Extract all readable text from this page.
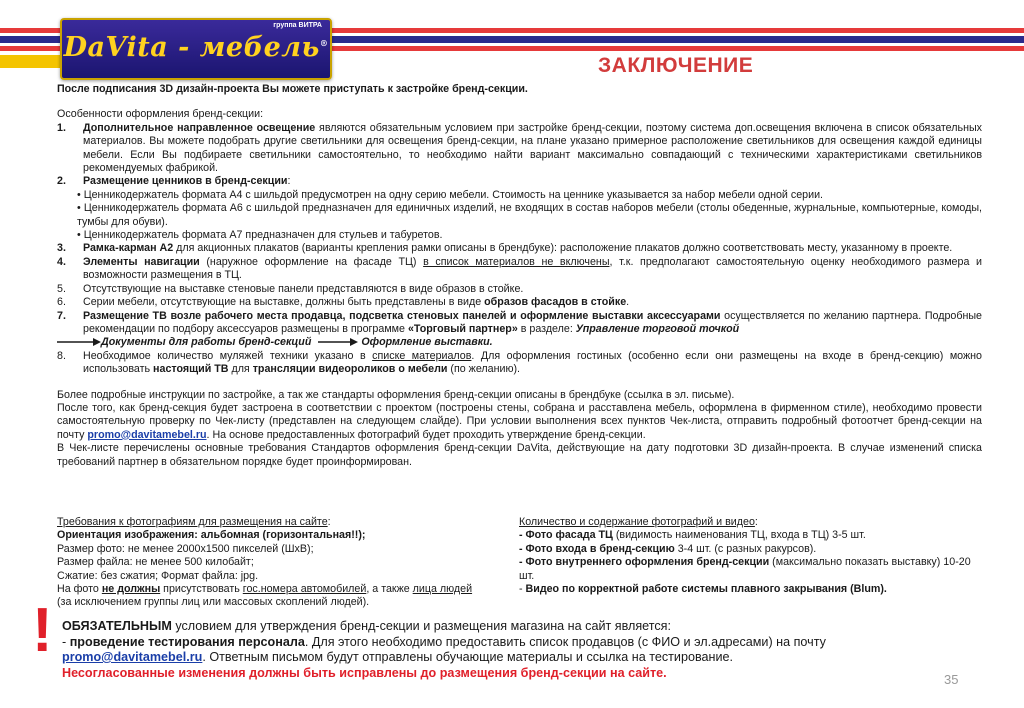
группа ВИТРА
DaVita - мебель®
ЗАКЛЮЧЕНИЕ

После подписания 3D дизайн-проекта Вы можете приступать к застройке бренд-секции.

Особенности оформления бренд-секции:

1.	Дополнительное направленное освещение являются обязательным условием при застройке бренд-секции, поэтому система доп.освещения включена в список обязательных материалов. Вы можете подобрать другие светильники для освещения бренд-секции, на плане указано примерное расположение светильников для освещения каждой единицы мебели. Если Вы подбираете светильники самостоятельно, то необходимо найти вариант максимально совпадающий с техническими характеристиками светильников рекомендуемых фабрикой.
2.	Размещение ценников в бренд-секции:

• Ценникодержатель формата А4 с шильдой предусмотрен на одну серию мебели. Стоимость на ценнике указывается за набор мебели одной серии.

• Ценникодержатель формата А6 с шильдой предназначен для единичных изделий, не входящих в состав наборов мебели (столы обеденные, журнальные, компьютерные, комоды, тумбы для обуви).

• Ценникодержатель формата А7 предназначен для стульев и табуретов.

3.	Рамка-карман А2 для акционных плакатов (варианты крепления рамки описаны в брендбуке): расположение плакатов должно соответствовать месту, указанному в проекте.
4.	Элементы навигации (наружное оформление на фасаде ТЦ) в список материалов не включены, т.к. предполагают самостоятельную оценку необходимого размера и возможности размещения в ТЦ.
5.	Отсутствующие на выставке стеновые панели представляются в виде образов в стойке.
6.	Серии мебели, отсутствующие на выставке, должны быть представлены в виде образов фасадов в стойке.
7.	Размещение ТВ возле рабочего места продавца, подсветка стеновых панелей и оформление выставки аксессуарами осуществляется по желанию партнера. Подробные рекомендации по подбору аксессуаров размещены в программе «Торговый партнер» в разделе: Управление торговой точкой

Документы для работы бренд-секций	Оформление выставки.

8.	Необходимое количество муляжей техники указано в списке материалов. Для оформления гостиных (особенно если они размещены на входе в бренд-секцию) можно использовать настоящий ТВ для трансляции видеороликов о мебели (по желанию).

Более подробные инструкции по застройке, а так же стандарты оформления бренд-секции описаны в брендбуке (ссылка в эл. письме).

После того, как бренд-секция будет застроена в соответствии с проектом (построены стены, собрана и расставлена мебель, оформлена в фирменном стиле), необходимо провести самостоятельную проверку по Чек-листу (представлен на следующем слайде). При условии выполнения всех пунктов Чек-листа, отправить подробный фотоотчет бренд-секции на почту promo@davitamebel.ru. На основе предоставленных фотографий будет проходить утверждение бренд-секции.

В Чек-листе перечислены основные требования Стандартов оформления бренд-секции DaVita, действующие на дату подготовки 3D дизайн-проекта. В случае изменений списка требований партнер в обязательном порядке будет проинформирован.

Требования к фотографиям для размещения на сайте:

Ориентация изображения: альбомная (горизонтальная!!);

Размер фото: не менее 2000х1500 пикселей (ШхВ);

Размер файла: не менее 500 килобайт;

Сжатие: без сжатия; Формат файла: jpg.

На фото не должны присутствовать гос.номера автомобилей, а также лица людей (за исключением группы лиц или массовых скоплений людей).

Количество и содержание фотографий и видео:

- Фото фасада ТЦ (видимость наименования ТЦ, входа в ТЦ) 3-5 шт.

- Фото входа в бренд-секцию 3-4 шт. (с разных ракурсов).

- Фото внутреннего оформления бренд-секции (максимально показать выставку) 10-20 шт.

- Видео по корректной работе системы плавного закрывания (Blum).

! ОБЯЗАТЕЛЬНЫМ условием для утверждения бренд-секции и размещения магазина на сайт является:

- проведение тестирования персонала. Для этого необходимо предоставить список продавцов (с ФИО и эл.адресами) на почту

promo@davitamebel.ru. Ответным письмом будут отправлены обучающие материалы и ссылка на тестирование.

Несогласованные изменения должны быть исправлены до размещения бренд-секции на сайте.	35
